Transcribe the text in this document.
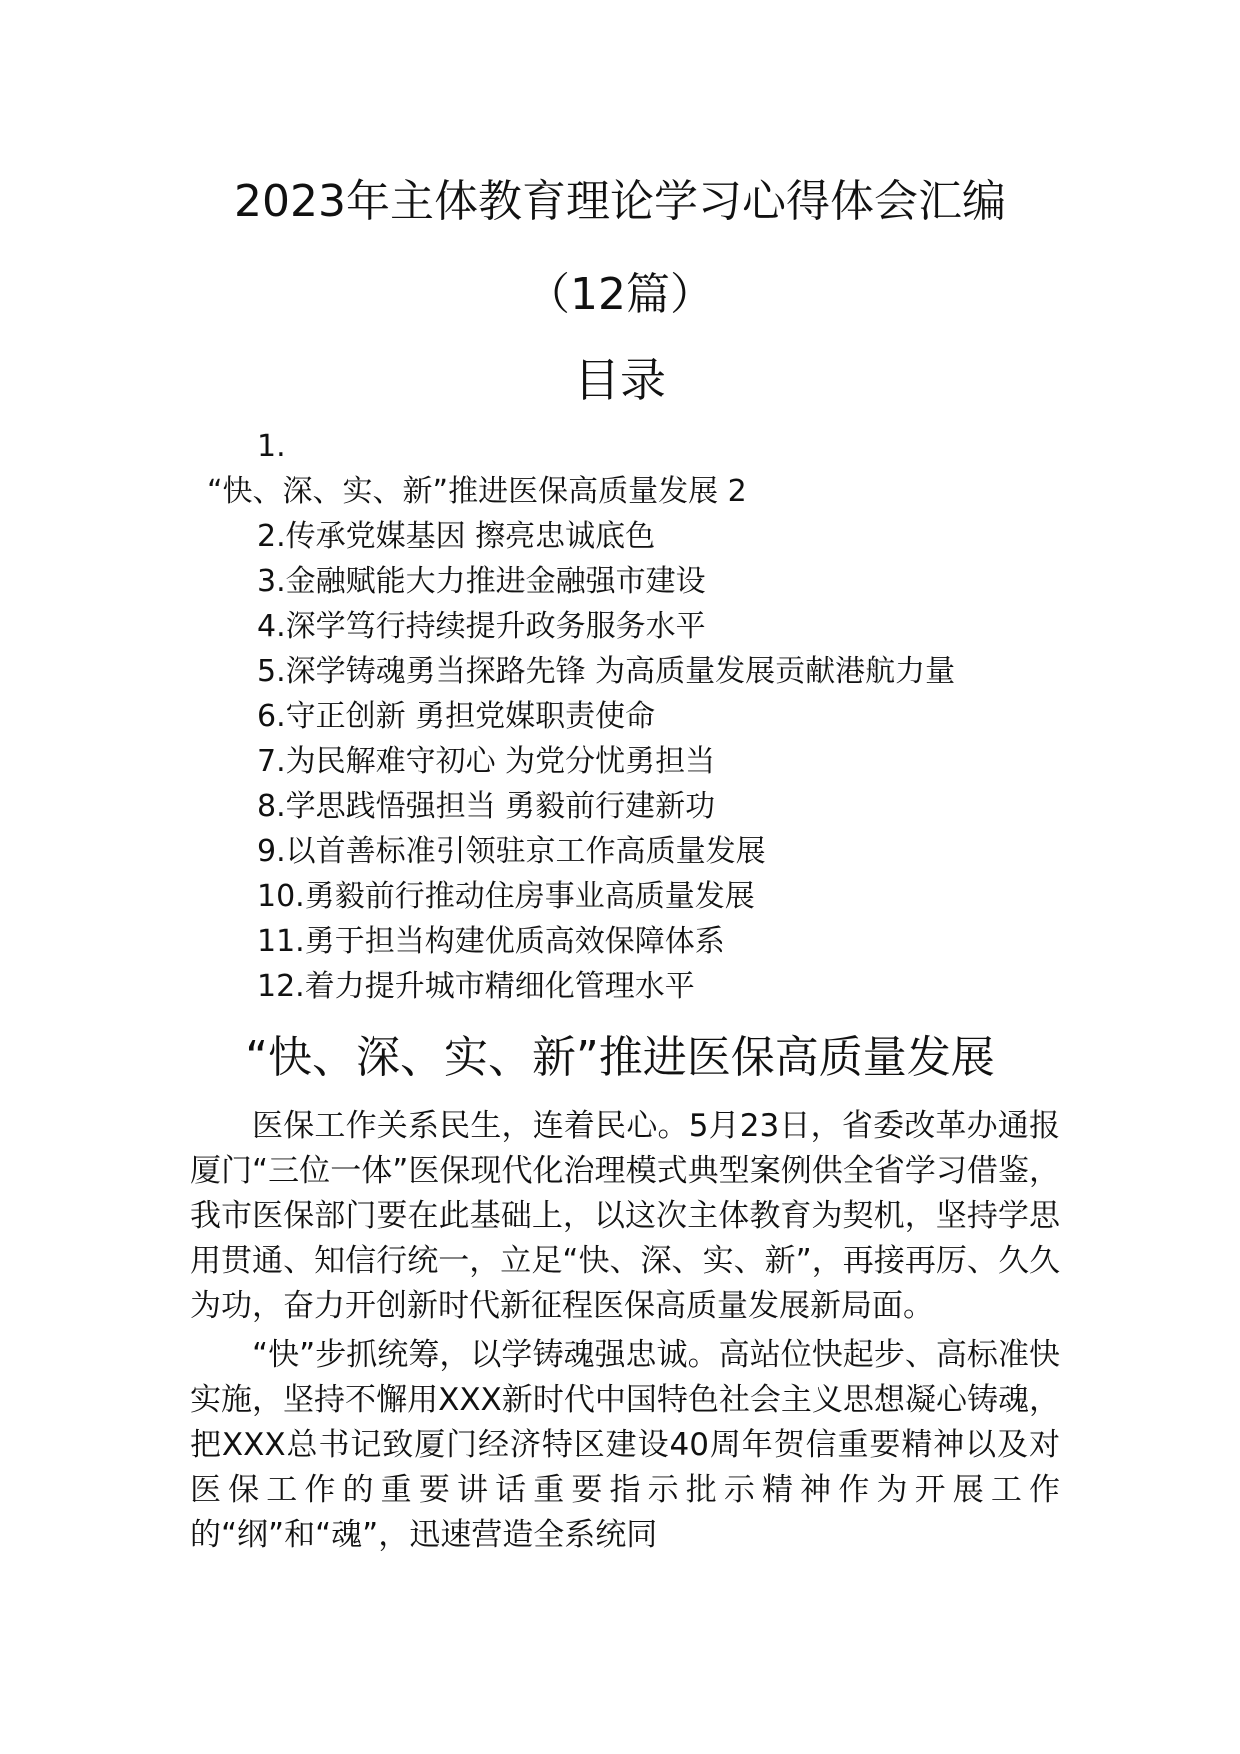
2023年主体教育理论学习心得体会汇编
（12篇）
目录
1.
“快、深、实、新”推进医保高质量发展 2
2.传承党媒基因 擦亮忠诚底色
3.金融赋能大力推进金融强市建设
4.深学笃行持续提升政务服务水平
5.深学铸魂勇当探路先锋 为高质量发展贡献港航力量
6.守正创新 勇担党媒职责使命
7.为民解难守初心 为党分忧勇担当
8.学思践悟强担当 勇毅前行建新功
9.以首善标准引领驻京工作高质量发展
10.勇毅前行推动住房事业高质量发展
11.勇于担当构建优质高效保障体系
12.着力提升城市精细化管理水平
“快、深、实、新”推进医保高质量发展

医保工作关系民生，连着民心。5月23日，省委改革办通报厦门“三位一体”医保现代化治理模式典型案例供全省学习借鉴，我市医保部门要在此基础上，以这次主体教育为契机，坚持学思用贯通、知信行统一，立足“快、深、实、新”，再接再厉、久久为功，奋力开创新时代新征程医保高质量发展新局面。

“快”步抓统筹，以学铸魂强忠诚。高站位快起步、高标准快实施，坚持不懈用XXX新时代中国特色社会主义思想凝心铸魂，把XXX总书记致厦门经济特区建设40周年贺信重要精神以及对医保工作的重要讲话重要指示批示精神作为开展工作的“纲”和“魂”，迅速营造全系统同
